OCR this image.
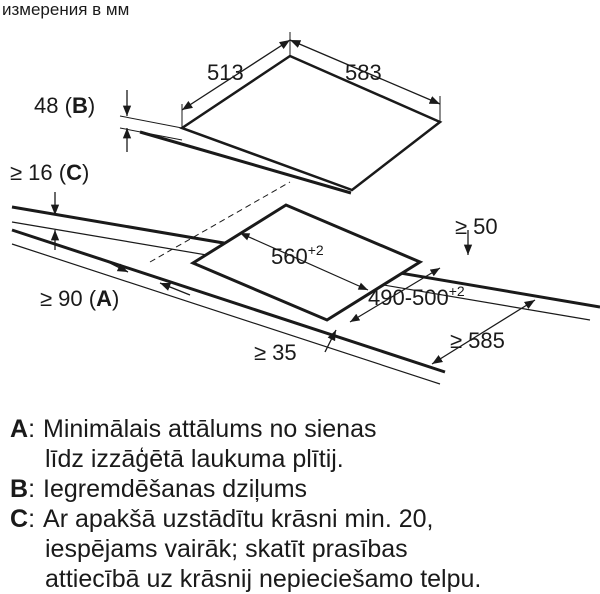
измерения в мм
513	583
48 (B)
≥ 16 (C)
≥ 50
$560^{+2}$
$490-500^{+2}$
≥ 90 (A)
≥ 35	≥ 585
A : Minimālais attālums no sienas
līdz izzāģētā laukuma plītij.
B : Iegremdēšanas dziļums
C : Ar apakšā uzstādītu krāsni min. 20,
iespējams vairāk; skatīt prasības
attiecībā uz krāsnij nepieciešamo telpu.
